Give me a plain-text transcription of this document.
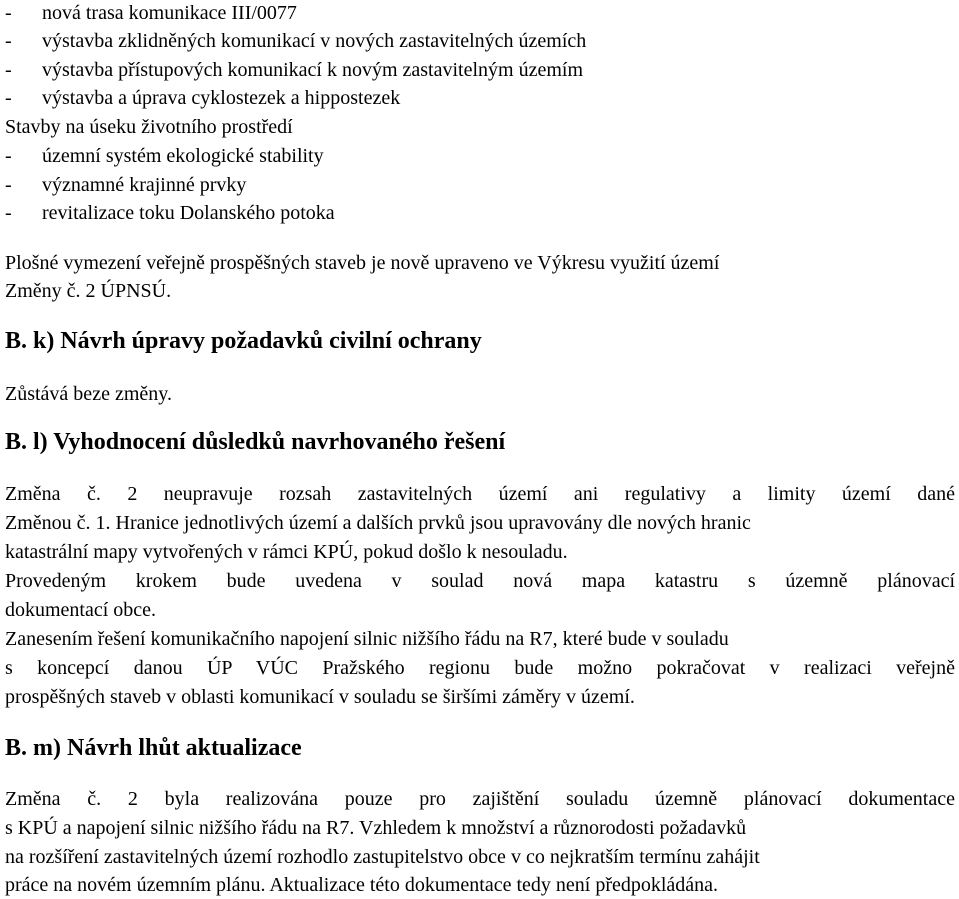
- nová trasa komunikace III/0077
- výstavba zklidněných komunikací v nových zastavitelných územích
- výstavba přístupových komunikací k novým zastavitelným územím
- výstavba a úprava cyklostezek a hippostezek
Stavby na úseku životního prostředí
- územní systém ekologické stability
- významné krajinné prvky
- revitalizace toku Dolanského potoka
Plošné vymezení veřejně prospěšných staveb je nově upraveno ve Výkresu využití území
Změny č. 2 ÚPNSÚ.
B. k) Návrh úpravy požadavků civilní ochrany
Zůstává beze změny.
B. l) Vyhodnocení důsledků navrhovaného řešení
Změna č. 2 neupravuje rozsah zastavitelných území ani regulativy a limity území dané
Změnou č. 1. Hranice jednotlivých území a dalších prvků jsou upravovány dle nových hranic
katastrální mapy vytvořených v rámci KPÚ, pokud došlo k nesouladu.
Provedeným krokem bude uvedena v soulad nová mapa katastru s územně plánovací
dokumentací obce.
Zanesením řešení komunikačního napojení silnic nižšího řádu na R7, které bude v souladu
s koncepcí danou ÚP VÚC Pražského regionu bude možno pokračovat v realizaci veřejně
prospěšných staveb v oblasti komunikací v souladu se širšími záměry v území.
B. m) Návrh lhůt aktualizace
Změna č. 2 byla realizována pouze pro zajištění souladu územně plánovací dokumentace
s KPÚ a napojení silnic nižšího řádu na R7. Vzhledem k množství a různorodosti požadavků
na rozšíření zastavitelných území rozhodlo zastupitelstvo obce v co nejkratším termínu zahájit
práce na novém územním plánu. Aktualizace této dokumentace tedy není předpokládána.
